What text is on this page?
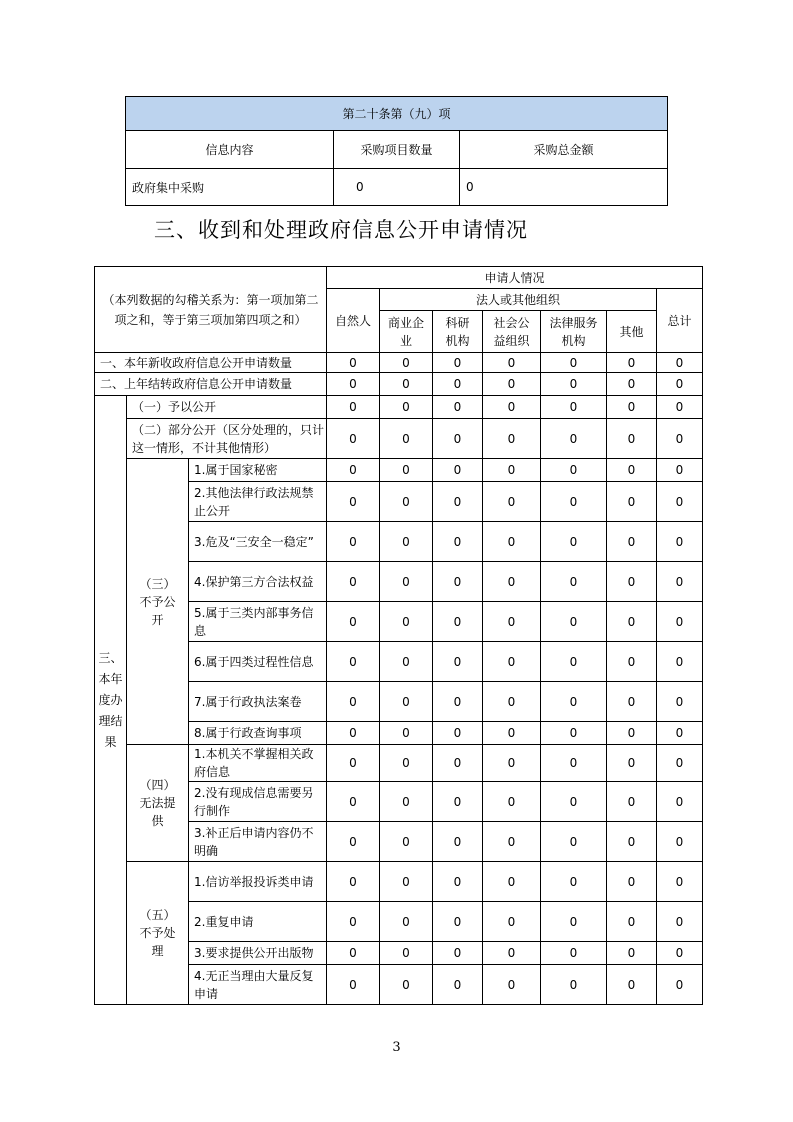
第二十条第（九）项		
信息内容	采购项目数量	采购总金额
政府集中采购	0	0
三、收到和处理政府信息公开申请情况
（本列数据的勾稽关系为：第一项加第二项之和，等于第三项加第四项之和）			申请人情况						
			自然人	法人或其他组织					总计
				商业企业	科研机构	社会公益组织	法律服务机构	其他	
一、本年新收政府信息公开申请数量			0	0	0	0	0	0	0
二、上年结转政府信息公开申请数量			0	0	0	0	0	0	0
三、本年度办理结果	（一）予以公开		0	0	0	0	0	0	0
	（二）部分公开（区分处理的，只计这一情形，不计其他情形）		0	0	0	0	0	0	0
	（三）不予公开	1.属于国家秘密	0	0	0	0	0	0	0
		2.其他法律行政法规禁止公开	0	0	0	0	0	0	0
		3.危及“三安全一稳定”	0	0	0	0	0	0	0
		4.保护第三方合法权益	0	0	0	0	0	0	0
		5.属于三类内部事务信息	0	0	0	0	0	0	0
		6.属于四类过程性信息	0	0	0	0	0	0	0
		7.属于行政执法案卷	0	0	0	0	0	0	0
		8.属于行政查询事项	0	0	0	0	0	0	0
	（四）无法提供	1.本机关不掌握相关政府信息	0	0	0	0	0	0	0
		2.没有现成信息需要另行制作	0	0	0	0	0	0	0
		3.补正后申请内容仍不明确	0	0	0	0	0	0	0
	（五）不予处理	1.信访举报投诉类申请	0	0	0	0	0	0	0
		2.重复申请	0	0	0	0	0	0	0
		3.要求提供公开出版物	0	0	0	0	0	0	0
		4.无正当理由大量反复申请	0	0	0	0	0	0	0
3
